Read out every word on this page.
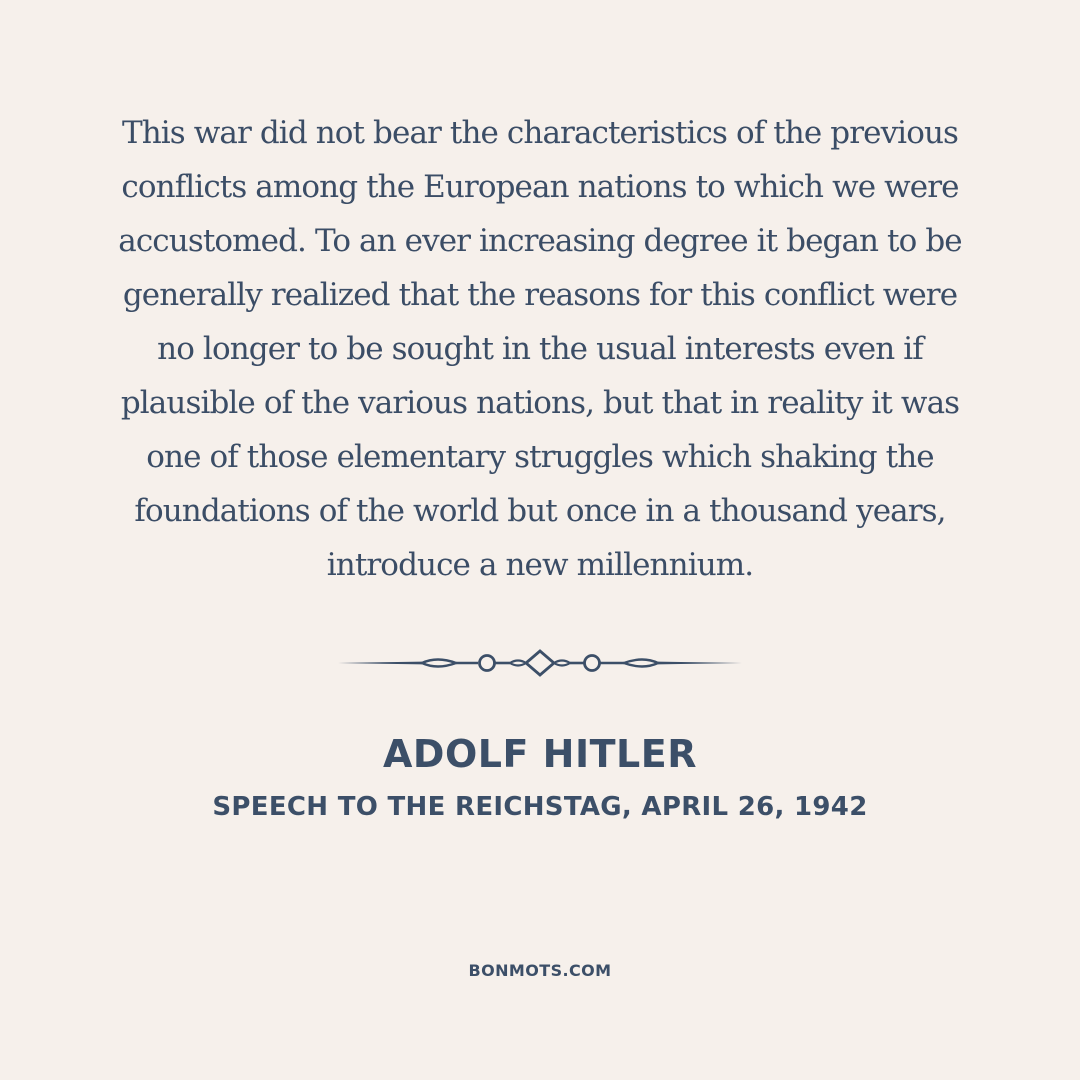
This war did not bear the characteristics of the previous
conflicts among the European nations to which we were
accustomed. To an ever increasing degree it began to be
generally realized that the reasons for this conflict were
no longer to be sought in the usual interests even if
plausible of the various nations, but that in reality it was
one of those elementary struggles which shaking the
foundations of the world but once in a thousand years,
introduce a new millennium.

ADOLF HITLER
SPEECH TO THE REICHSTAG, APRIL 26, 1942
BONMOTS.COM
